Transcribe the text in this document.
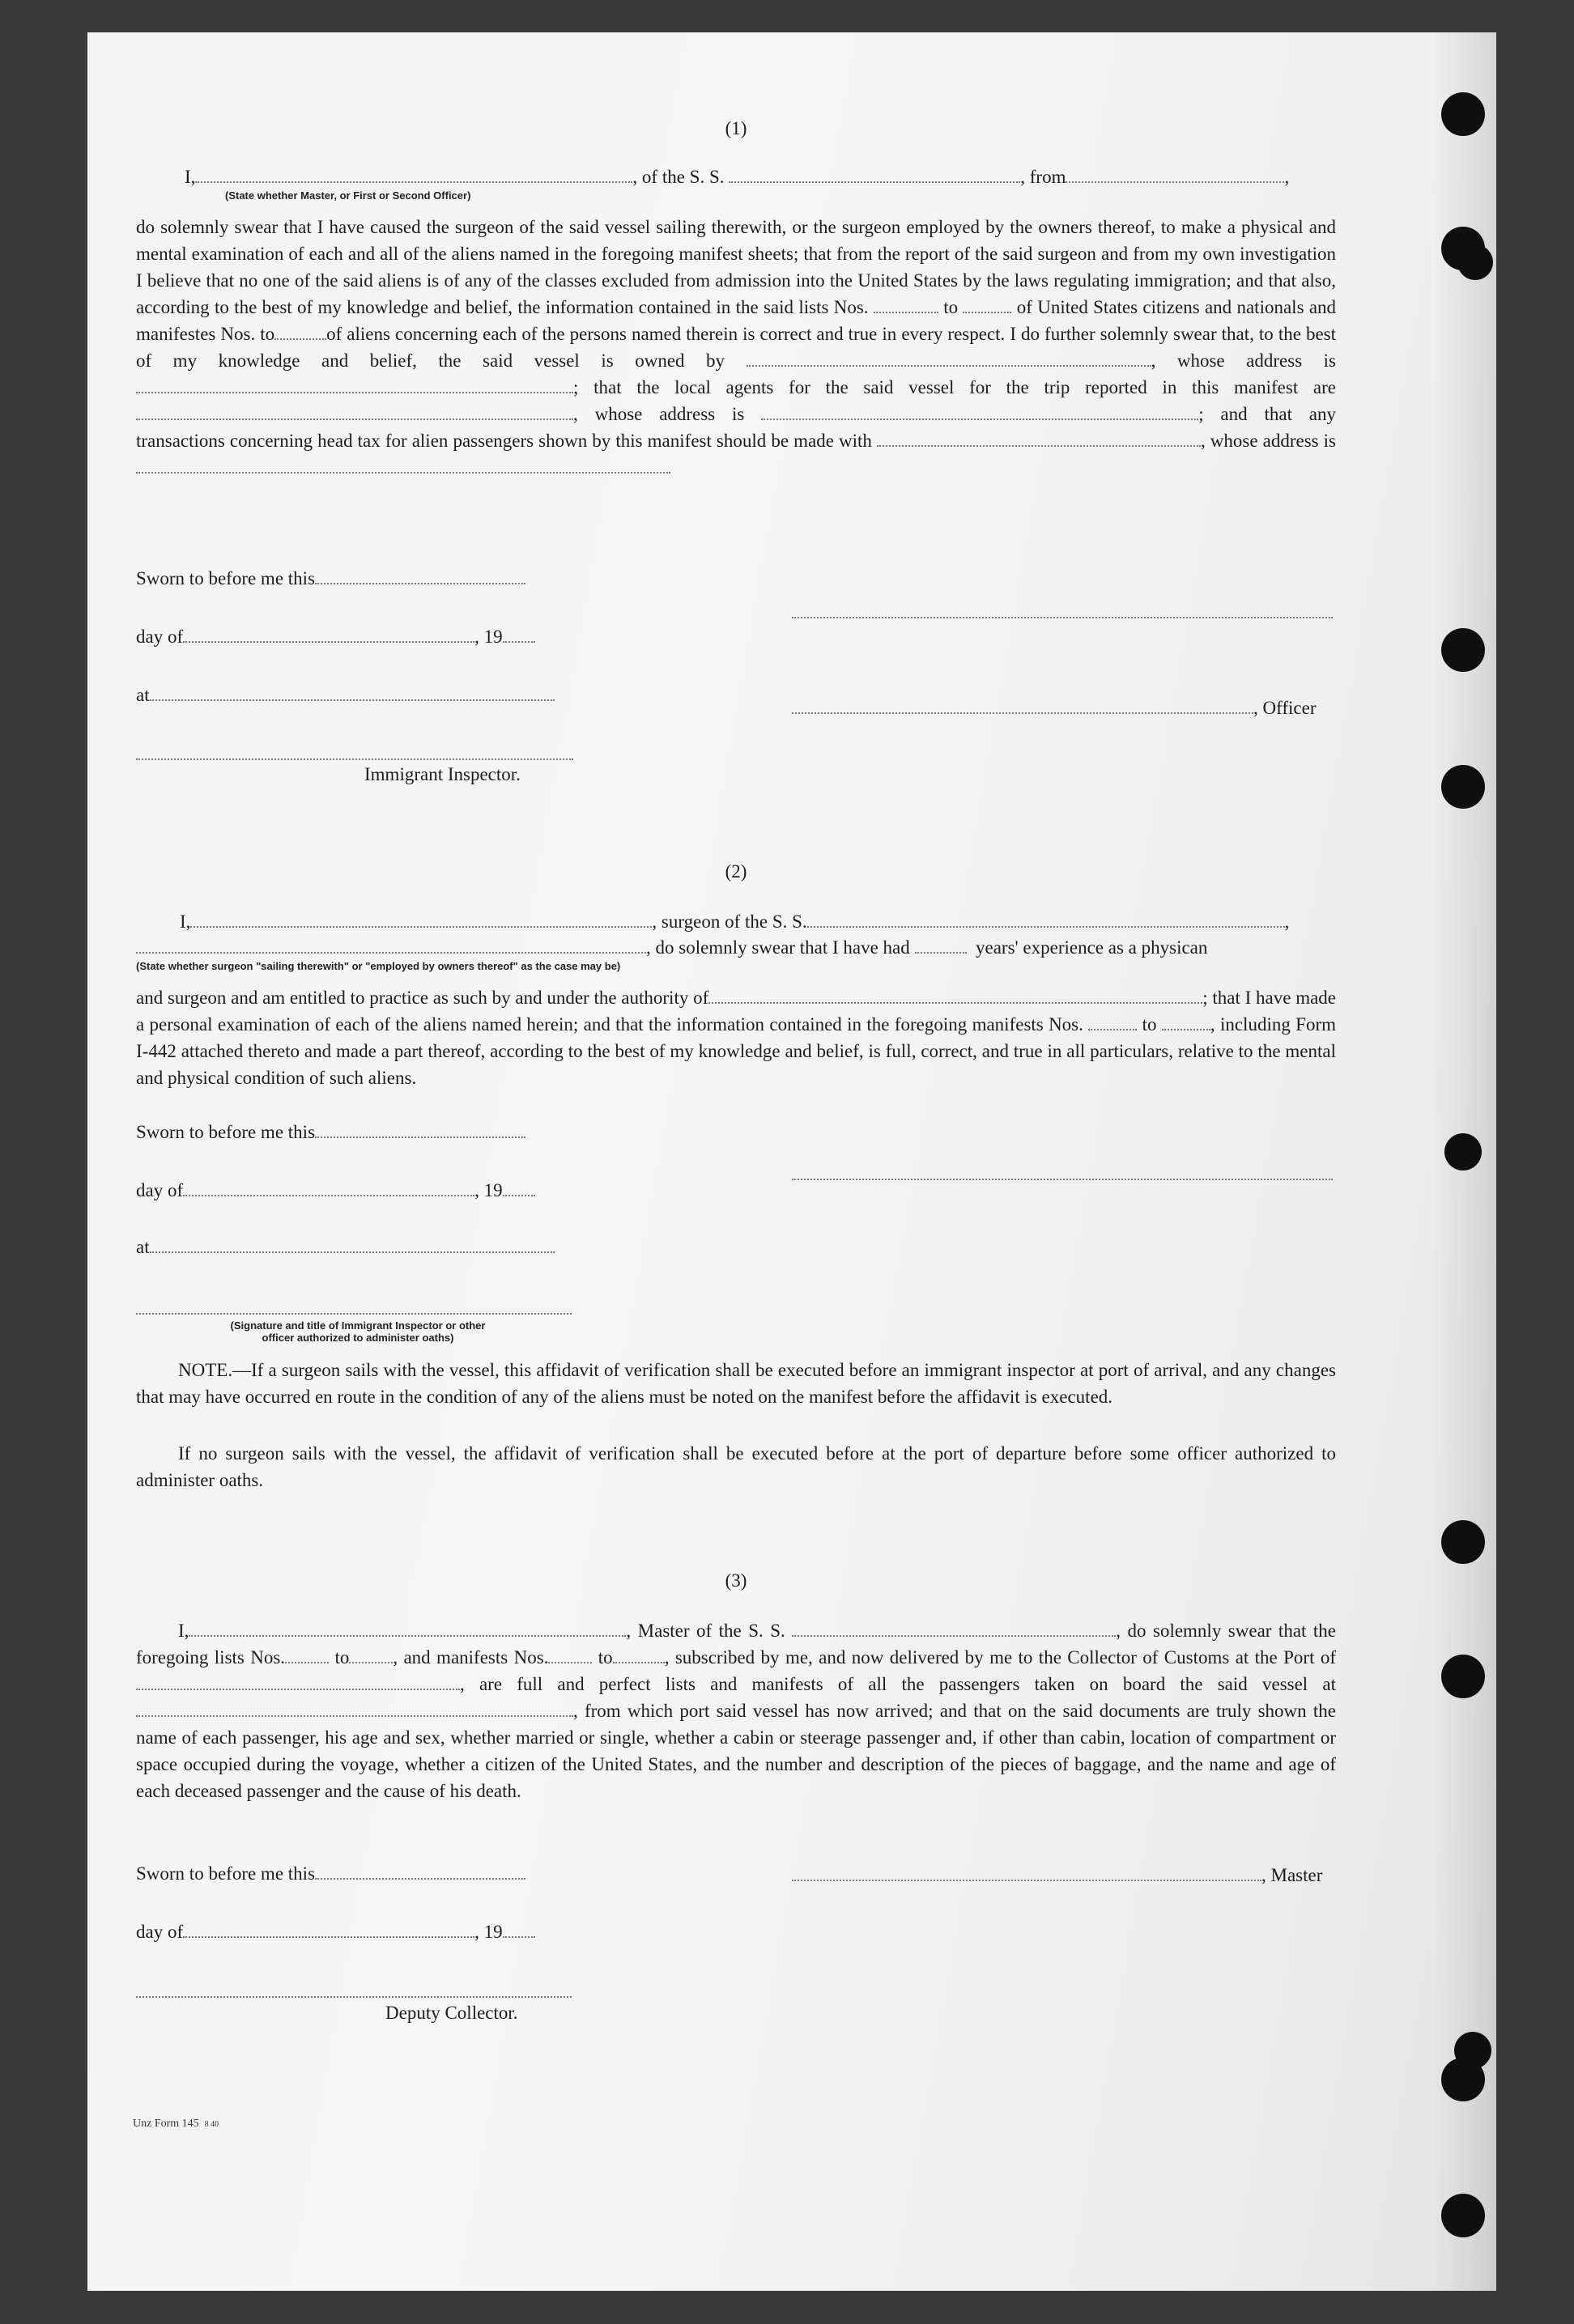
(1)
I,	, of the S. S.	, from	,
(State whether Master, or First or Second Officer)

do solemnly swear that I have caused the surgeon of the said vessel sailing therewith, or the surgeon employed by the owners thereof, to make a physical and mental examination of each and all of the aliens named in the foregoing manifest sheets; that from the report of the said surgeon and from my own investigation I believe that no one of the said aliens is of any of the classes excluded from admission into the United States by the laws regulating immigration; and that also, according to the best of my knowledge and belief, the information contained in the said lists Nos.	to	of United States citizens and nationals and manifestes Nos. to	of aliens concerning each of the persons named therein is correct and true in every respect. I do further solemnly swear that, to the best of my knowledge and belief, the said vessel is owned by	, whose address is ; that the local agents for the said vessel for the trip reported in this manifest are , whose address is	; and that any transactions concerning head tax for alien passengers shown by this manifest should be made with	, whose address is

Sworn to before me this
day of	, 19
at
, Officer
Immigrant Inspector.
(2)
I,	, surgeon of the S. S.	,
, do solemnly swear that I have had	years' experience as a physican
(State whether surgeon "sailing therewith" or "employed by owners thereof" as the case may be)

and surgeon and am entitled to practice as such by and under the authority of	; that I have made a personal examination of each of the aliens named herein; and that the information contained in the foregoing manifests Nos.	to	, including Form I-442 attached thereto and made a part thereof, according to the best of my knowledge and belief, is full, correct, and true in all particulars, relative to the mental and physical condition of such aliens.

Sworn to before me this
day of	, 19
at
(Signature and title of Immigrant Inspector or other
officer authorized to administer oaths)

NOTE.—If a surgeon sails with the vessel, this affidavit of verification shall be executed before an immigrant inspector at port of arrival, and any changes that may have occurred en route in the condition of any of the aliens must be noted on the manifest before the affidavit is executed.

If no surgeon sails with the vessel, the affidavit of verification shall be executed before at the port of departure before some officer authorized to administer oaths.

(3)

I,	, Master of the S. S.	, do solemnly swear that the foregoing lists Nos.	to , and manifests Nos.	to	, subscribed by me, and now delivered by me to the Collector of Customs at the Port of, are full and perfect lists and manifests of all the passengers taken on board the said vessel at , from which port said vessel has now arrived; and that on the said documents are truly shown the name of each passenger, his age and sex, whether married or single, whether a cabin or steerage passenger and, if other than cabin, location of compartment or space occupied during the voyage, whether a citizen of the United States, and the number and description of the pieces of baggage, and the name and age of each deceased passenger and the cause of his death.

Sworn to before me this	, Master
day of	, 19
Deputy Collector.
Unz Form 145 8 40
